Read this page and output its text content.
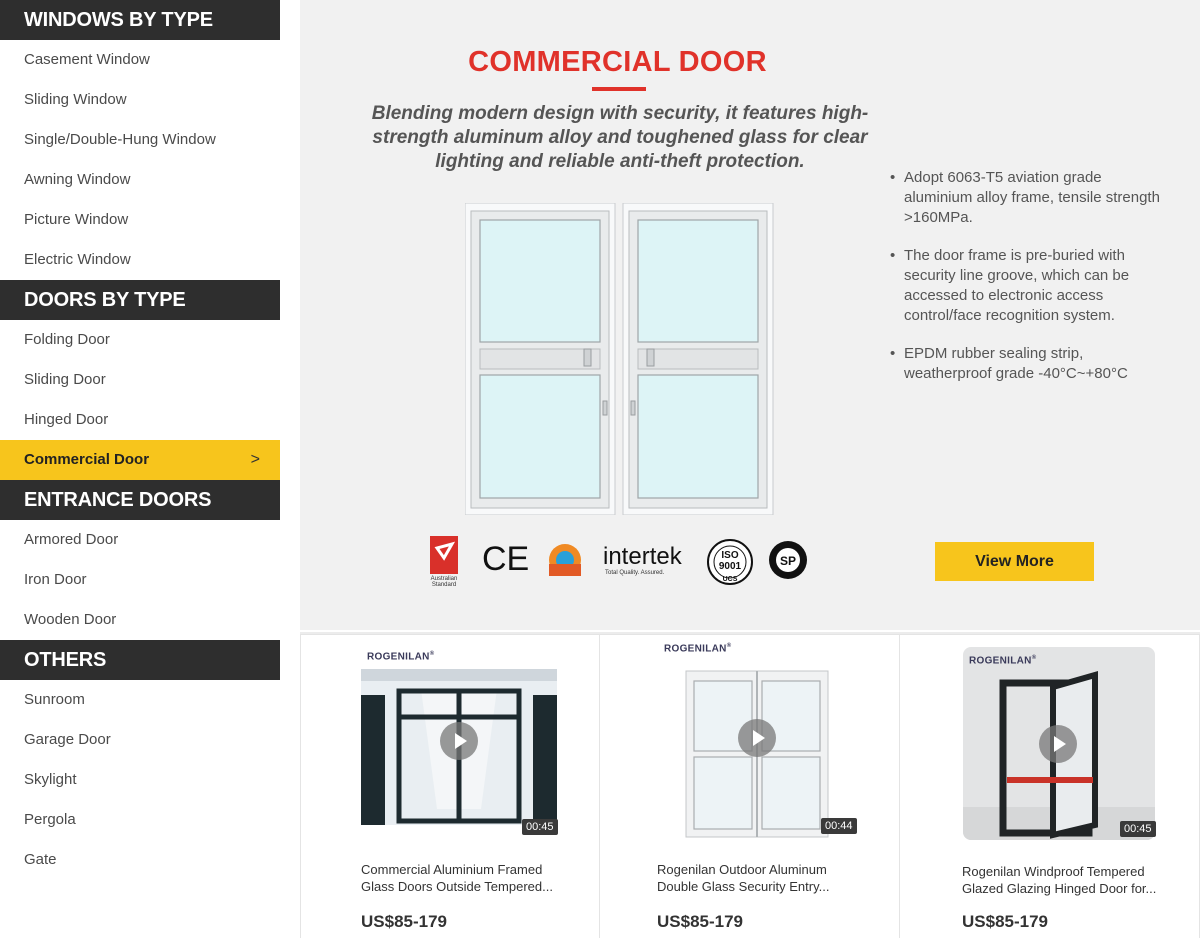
WINDOWS BY TYPE
Casement Window
Sliding Window
Single/Double-Hung Window
Awning Window
Picture Window
Electric Window
DOORS BY TYPE
Folding Door
Sliding Door
Hinged Door
Commercial Door	>
ENTRANCE DOORS
Armored Door
Iron Door
Wooden Door
OTHERS
Sunroom
Garage Door
Skylight
Pergola
Gate
COMMERCIAL DOOR
Blending modern design with security, it features high-strength aluminum alloy and toughened glass for clear lighting and reliable anti-theft protection.
Australian
Standard
CE	intertek
Total Quality. Assured.
ISO
9001
UCS
SP
• Adopt 6063-T5 aviation grade aluminium alloy frame, tensile strength >160MPa.
• The door frame is pre-buried with security line groove, which can be accessed to electronic access control/face recognition system.
• EPDM rubber sealing strip, weatherproof grade -40°C~+80°C
View More
ROGENILAN®
00:45
Commercial Aluminium Framed
Glass Doors Outside Tempered...
US$85-179
ROGENILAN®
00:44
Rogenilan Outdoor Aluminum
Double Glass Security Entry...
US$85-179
ROGENILAN®
00:45
Rogenilan Windproof Tempered
Glazed Glazing Hinged Door for...
US$85-179
